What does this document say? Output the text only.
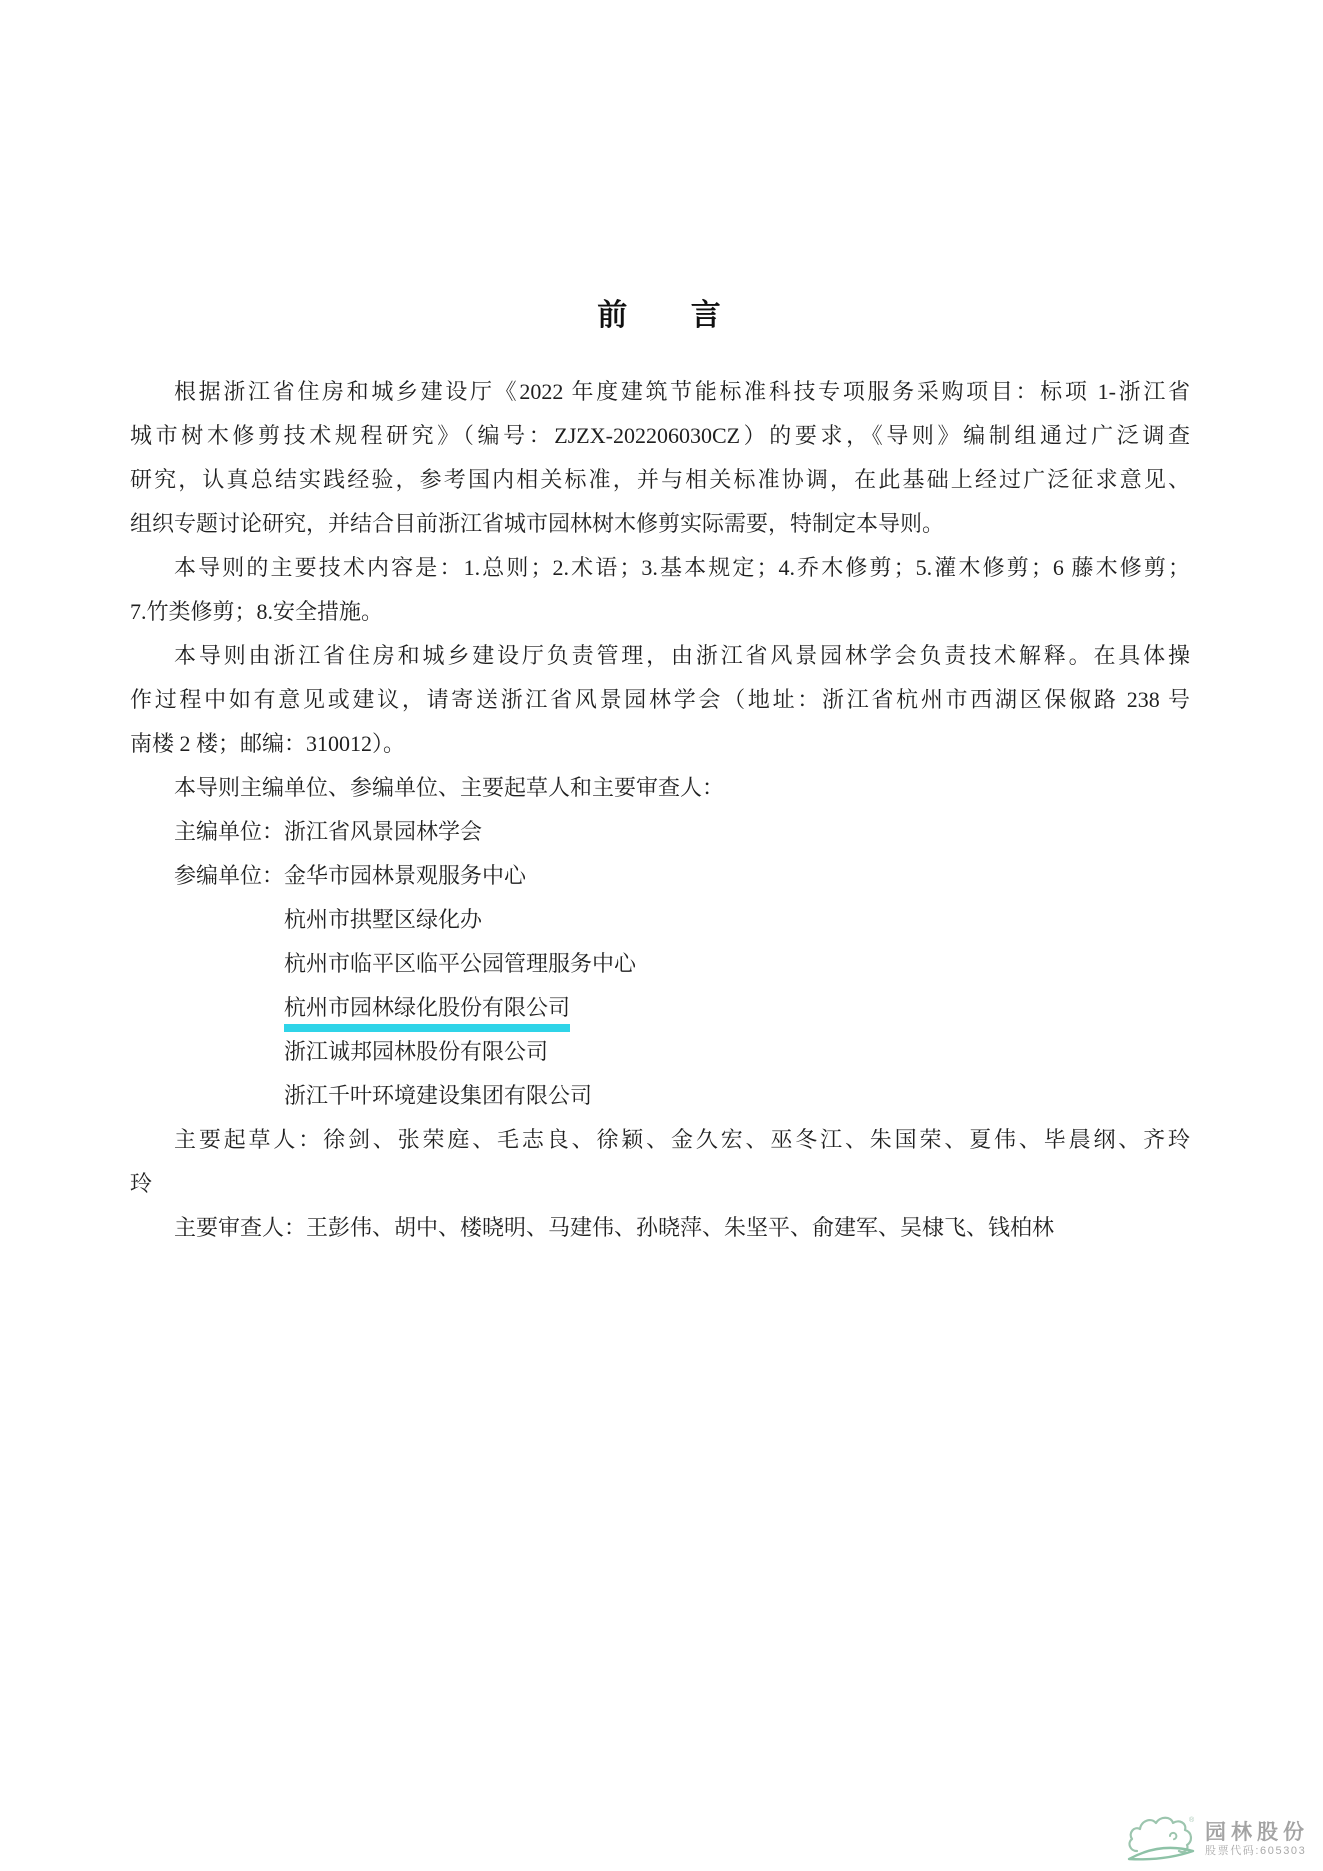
前 言
根据浙江省住房和城乡建设厅《2022 年度建筑节能标准科技专项服务采购项目：标项 1-浙江省
城市树木修剪技术规程研究》（编号：ZJZX-202206030CZ）的要求，《导则》编制组通过广泛调查
研究，认真总结实践经验，参考国内相关标准，并与相关标准协调，在此基础上经过广泛征求意见、
组织专题讨论研究，并结合目前浙江省城市园林树木修剪实际需要，特制定本导则。
本导则的主要技术内容是：1.总则；2.术语；3.基本规定；4.乔木修剪；5.灌木修剪；6 藤木修剪；
7.竹类修剪；8.安全措施。
本导则由浙江省住房和城乡建设厅负责管理，由浙江省风景园林学会负责技术解释。在具体操
作过程中如有意见或建议，请寄送浙江省风景园林学会（地址：浙江省杭州市西湖区保俶路 238 号
南楼 2 楼；邮编：310012）。
本导则主编单位、参编单位、主要起草人和主要审查人：
主编单位：浙江省风景园林学会
参编单位：金华市园林景观服务中心
杭州市拱墅区绿化办
杭州市临平区临平公园管理服务中心
杭州市园林绿化股份有限公司
浙江诚邦园林股份有限公司
浙江千叶环境建设集团有限公司
主要起草人：徐剑、张荣庭、毛志良、徐颖、金久宏、巫冬江、朱国荣、夏伟、毕晨纲、齐玲
玲
主要审查人：王彭伟、胡中、楼晓明、马建伟、孙晓萍、朱坚平、俞建军、吴棣飞、钱柏林
® 园林股份
股票代码:605303
